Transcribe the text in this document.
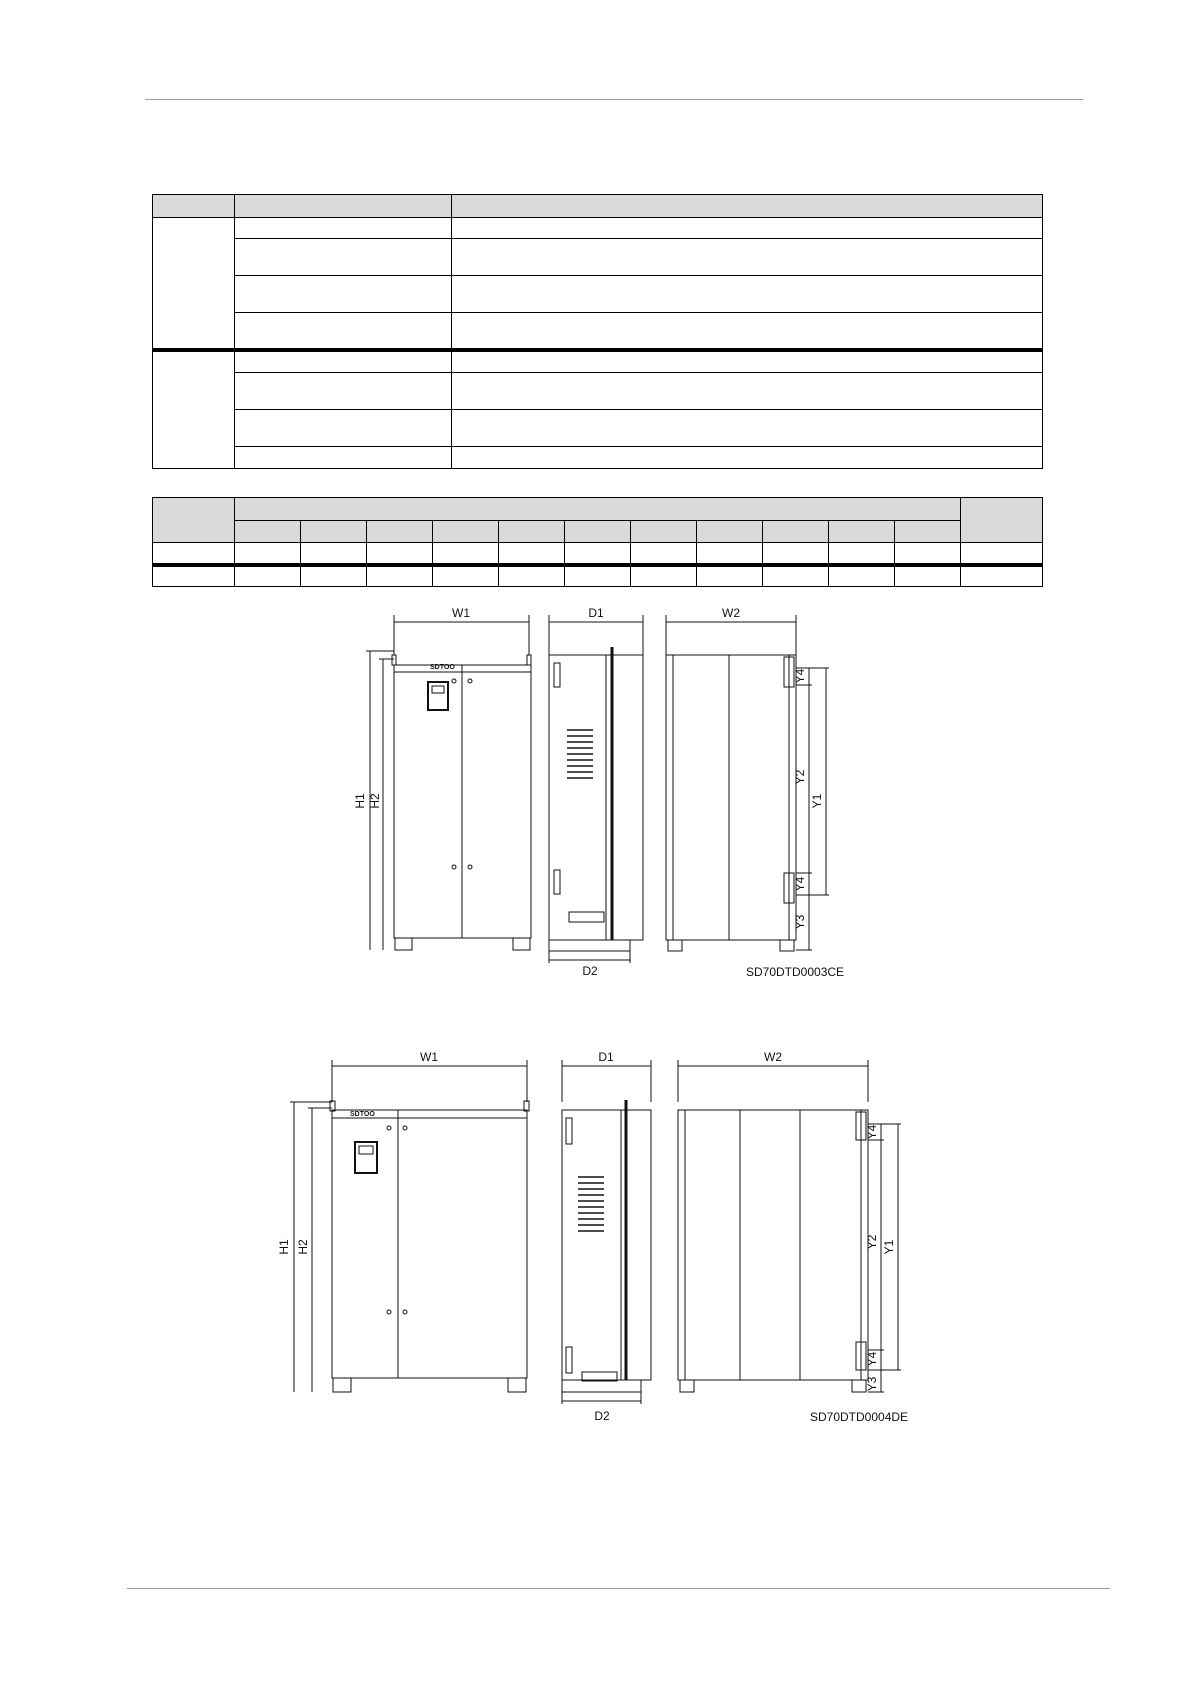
W1	D1	W2
H1 H2
SDTOO
D2
Y4
Y2
Y1
Y4
Y3
SD70DTD0003CE
W1	D1	W2
H1 H2
SDTOO
D2
Y4
Y2 Y1
Y4
Y3
SD70DTD0004DE
